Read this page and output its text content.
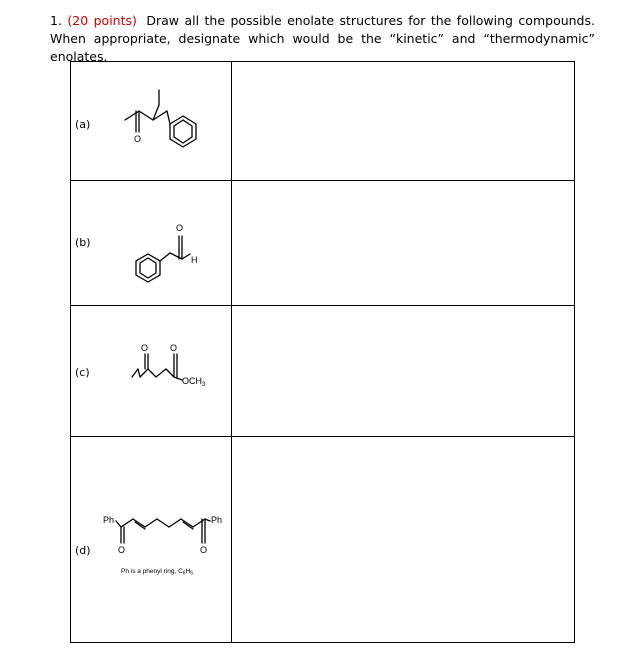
1. (20 points) Draw all the possible enolate structures for the following compounds. When appropriate, designate which would be the “kinetic” and “thermodynamic” enolates.
(a)
O
(b)
O
H
(c)
O O
$OCH_3$
(d)
Ph	Ph
O	O
Ph is a phenyl ring, $C_6H_5$
